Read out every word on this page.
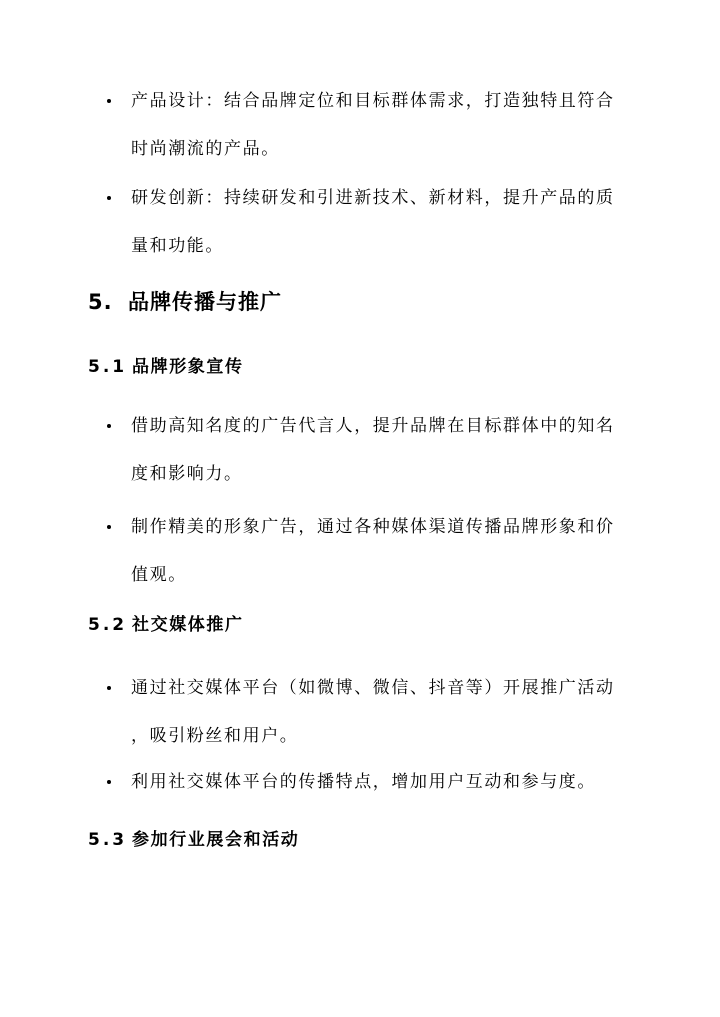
产品设计：结合品牌定位和目标群体需求，打造独特且符合
时尚潮流的产品。
研发创新：持续研发和引进新技术、新材料，提升产品的质
量和功能。
5. 品牌传播与推广
5.1 品牌形象宣传
借助高知名度的广告代言人，提升品牌在目标群体中的知名
度和影响力。
制作精美的形象广告，通过各种媒体渠道传播品牌形象和价
值观。
5.2 社交媒体推广
通过社交媒体平台（如微博、微信、抖音等）开展推广活动
，吸引粉丝和用户。
利用社交媒体平台的传播特点，增加用户互动和参与度。
5.3 参加行业展会和活动
